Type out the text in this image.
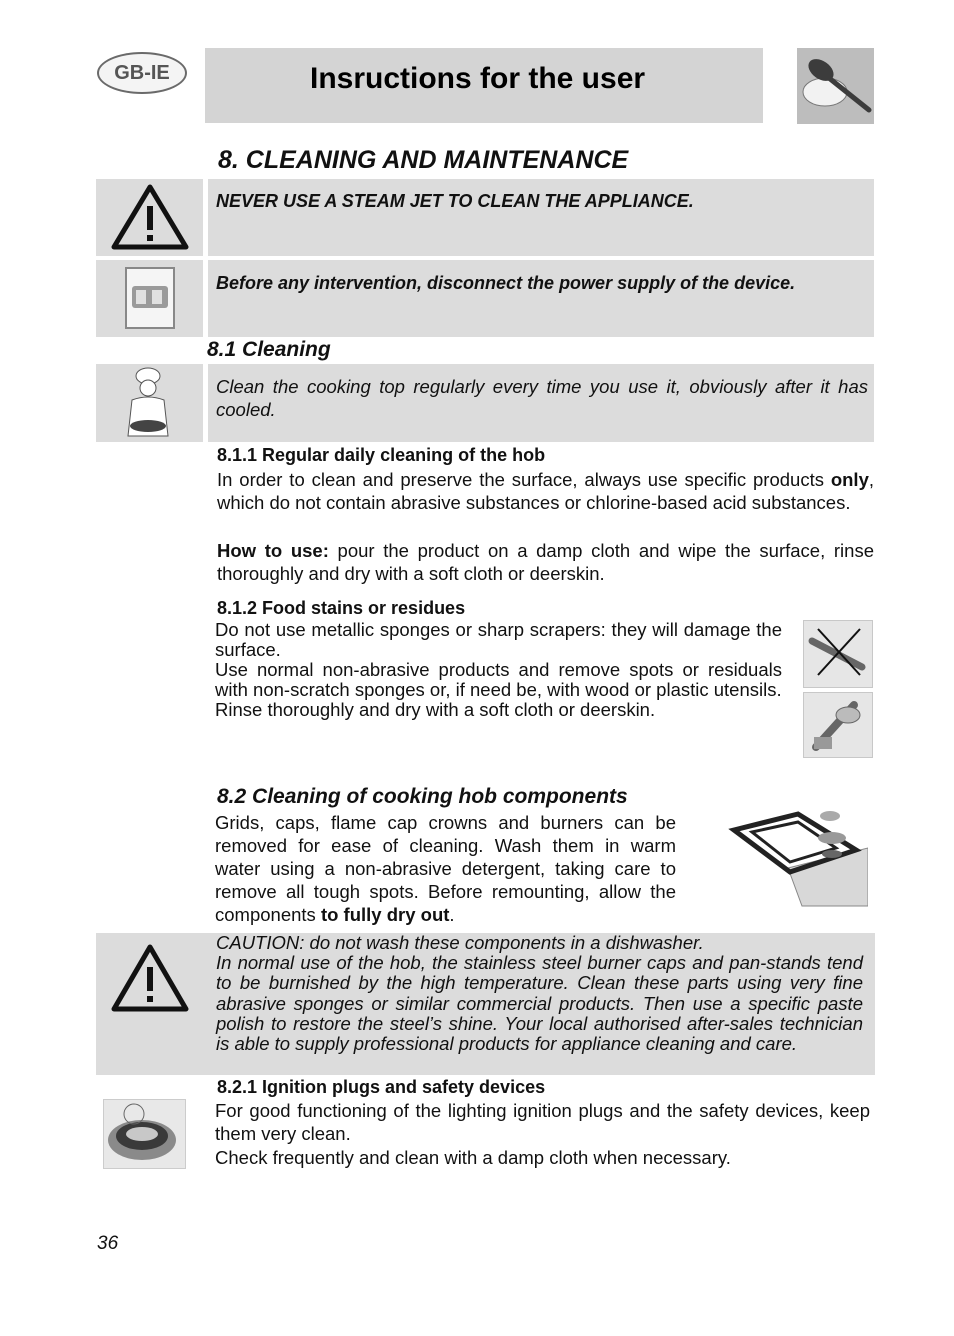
GB-IE	Insructions for the user
8. CLEANING AND MAINTENANCE
NEVER USE A STEAM JET TO CLEAN THE APPLIANCE.
Before any intervention, disconnect the power supply of the device.
8.1 Cleaning
Clean the cooking top regularly every time you use it, obviously after it has cooled.
8.1.1 Regular daily cleaning of the hob
In order to clean and preserve the surface, always use specific products only, which do not contain abrasive substances or chlorine-based acid substances.
How to use: pour the product on a damp cloth and wipe the surface, rinse thoroughly and dry with a soft cloth or deerskin.
8.1.2 Food stains or residues
Do not use metallic sponges or sharp scrapers: they will damage the surface.
Use normal non-abrasive products and remove spots or residuals with non-scratch sponges or, if need be, with wood or plastic utensils.
Rinse thoroughly and dry with a soft cloth or deerskin.
8.2 Cleaning of cooking hob components
Grids, caps, flame cap crowns and burners can be removed for ease of cleaning. Wash them in warm water using a non-abrasive detergent, taking care to remove all tough spots. Before remounting, allow the components to fully dry out.
CAUTION: do not wash these components in a dishwasher.
In normal use of the hob, the stainless steel burner caps and pan-stands tend to be burnished by the high temperature. Clean these parts using very fine abrasive sponges or similar commercial products. Then use a specific paste polish to restore the steel’s shine. Your local authorised after-sales technician is able to supply professional products for appliance cleaning and care.
8.2.1 Ignition plugs and safety devices
For good functioning of the lighting ignition plugs and the safety devices, keep them very clean.
Check frequently and clean with a damp cloth when necessary.
36
